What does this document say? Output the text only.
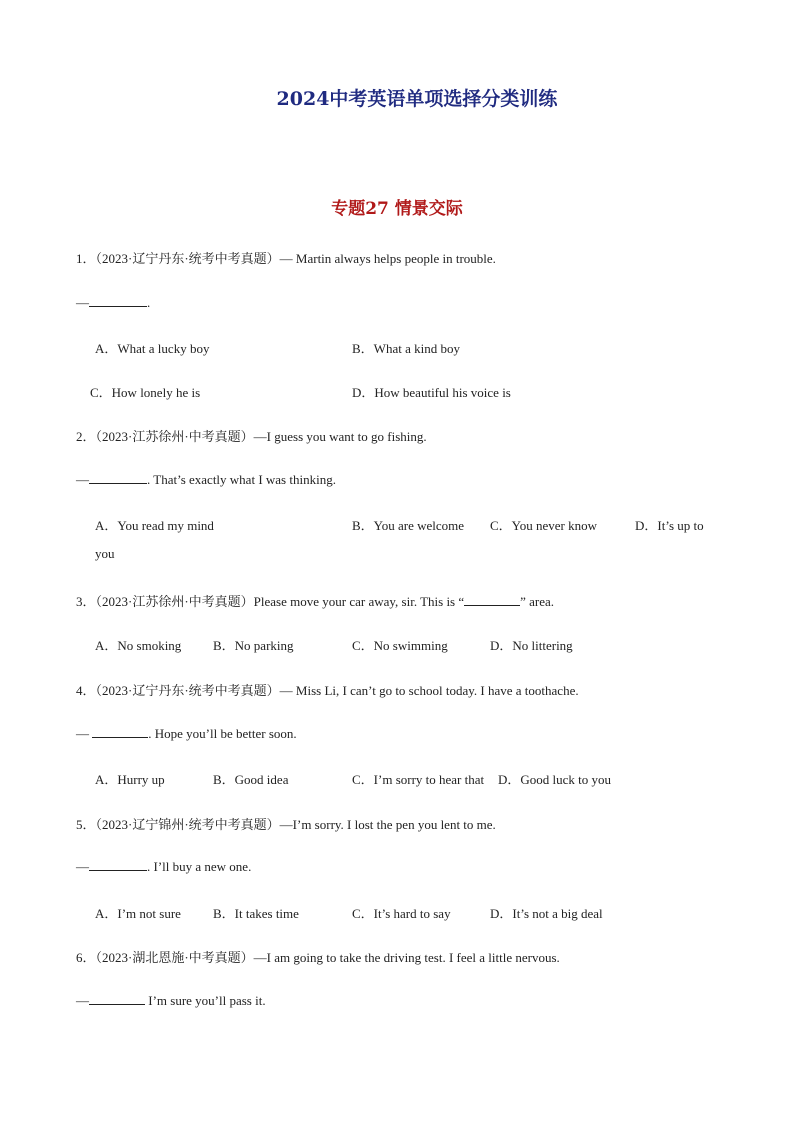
2024中考英语单项选择分类训练
专题27 情景交际
1．（2023·辽宁丹东·统考中考真题）— Martin always helps people in trouble.
—	.
A．What a lucky boy	B．What a kind boy
C．How lonely he is	D．How beautiful his voice is
2．（2023·江苏徐州·中考真题）—I guess you want to go fishing.
—	. That’s exactly what I was thinking.
A．You read my mind	B．You are welcome C．You never know	D．It’s up to
you
3．（2023·江苏徐州·中考真题）Please move your car away, sir. This is “	” area.
A．No smoking B．No parking	C．No swimming	D．No littering
4．（2023·辽宁丹东·统考中考真题）— Miss Li, I can’t go to school today. I have a toothache.
—	. Hope you’ll be better soon.
A．Hurry up	B．Good idea	C．I’m sorry to hear that D．Good luck to you
5．（2023·辽宁锦州·统考中考真题）—I’m sorry. I lost the pen you lent to me.
—	. I’ll buy a new one.
A．I’m not sure B．It takes time	C．It’s hard to say	D．It’s not a big deal
6．（2023·湖北恩施·中考真题）—I am going to take the driving test. I feel a little nervous.
—	I’m sure you’ll pass it.
